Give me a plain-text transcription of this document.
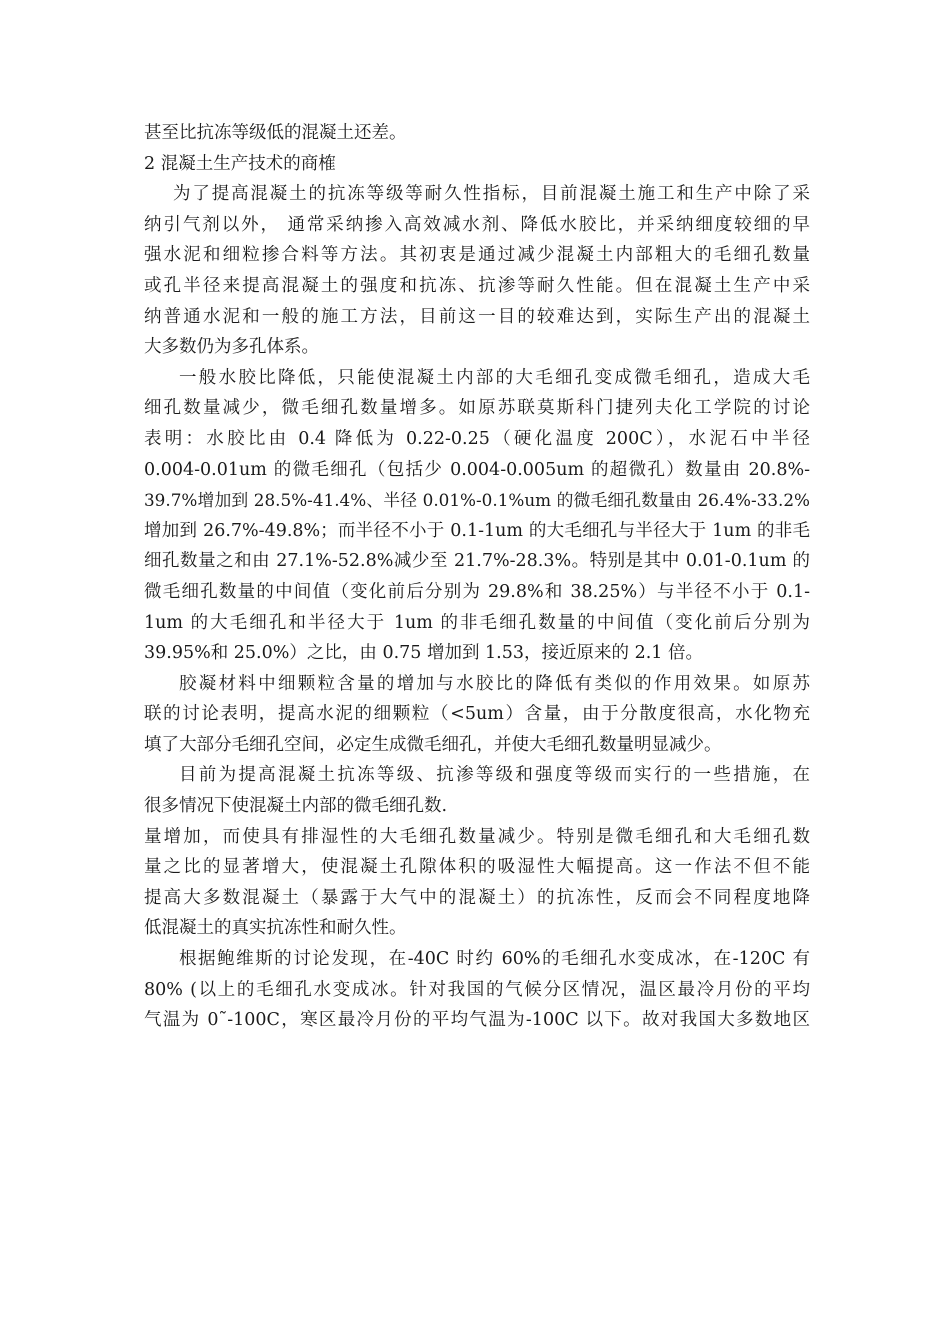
甚至比抗冻等级低的混凝土还差。
2 混凝土生产技术的商榷
为了提高混凝土的抗冻等级等耐久性指标，目前混凝土施工和生产中除了采
纳引气剂以外， 通常采纳掺入高效减水剂、降低水胶比，并采纳细度较细的早
强水泥和细粒掺合料等方法。其初衷是通过减少混凝土内部粗大的毛细孔数量
或孔半径来提高混凝土的强度和抗冻、抗渗等耐久性能。但在混凝土生产中采
纳普通水泥和一般的施工方法，目前这一目的较难达到，实际生产出的混凝土
大多数仍为多孔体系。
一般水胶比降低，只能使混凝土内部的大毛细孔变成微毛细孔，造成大毛
细孔数量减少，微毛细孔数量增多。如原苏联莫斯科门捷列夫化工学院的讨论
表明：水胶比由 0.4 降低为 0.22-0.25（硬化温度 200C），水泥石中半径
0.004-0.01um 的微毛细孔（包括少 0.004-0.005um 的超微孔）数量由 20.8%-
39.7%增加到 28.5%-41.4%、半径 0.01%-0.1%um 的微毛细孔数量由 26.4%-33.2%
增加到 26.7%-49.8%；而半径不小于 0.1-1um 的大毛细孔与半径大于 1um 的非毛
细孔数量之和由 27.1%-52.8%减少至 21.7%-28.3%。特别是其中 0.01-0.1um 的
微毛细孔数量的中间值（变化前后分别为 29.8%和 38.25%）与半径不小于 0.1-
1um 的大毛细孔和半径大于 1um 的非毛细孔数量的中间值（变化前后分别为
39.95%和 25.0%）之比，由 0.75 增加到 1.53，接近原来的 2.1 倍。
胶凝材料中细颗粒含量的增加与水胶比的降低有类似的作用效果。如原苏
联的讨论表明，提高水泥的细颗粒（<5um）含量，由于分散度很高，水化物充
填了大部分毛细孔空间，必定生成微毛细孔，并使大毛细孔数量明显减少。
目前为提高混凝土抗冻等级、抗渗等级和强度等级而实行的一些措施，在
很多情况下使混凝土内部的微毛细孔数.
量增加，而使具有排湿性的大毛细孔数量减少。特别是微毛细孔和大毛细孔数
量之比的显著增大，使混凝土孔隙体积的吸湿性大幅提高。这一作法不但不能
提高大多数混凝土（暴露于大气中的混凝土）的抗冻性，反而会不同程度地降
低混凝土的真实抗冻性和耐久性。
根据鲍维斯的讨论发现，在-40C 时约 60%的毛细孔水变成冰，在-120C 有
80% (以上的毛细孔水变成冰。针对我国的气候分区情况，温区最冷月份的平均
气温为 0˜-100C，寒区最冷月份的平均气温为-100C 以下。故对我国大多数地区
